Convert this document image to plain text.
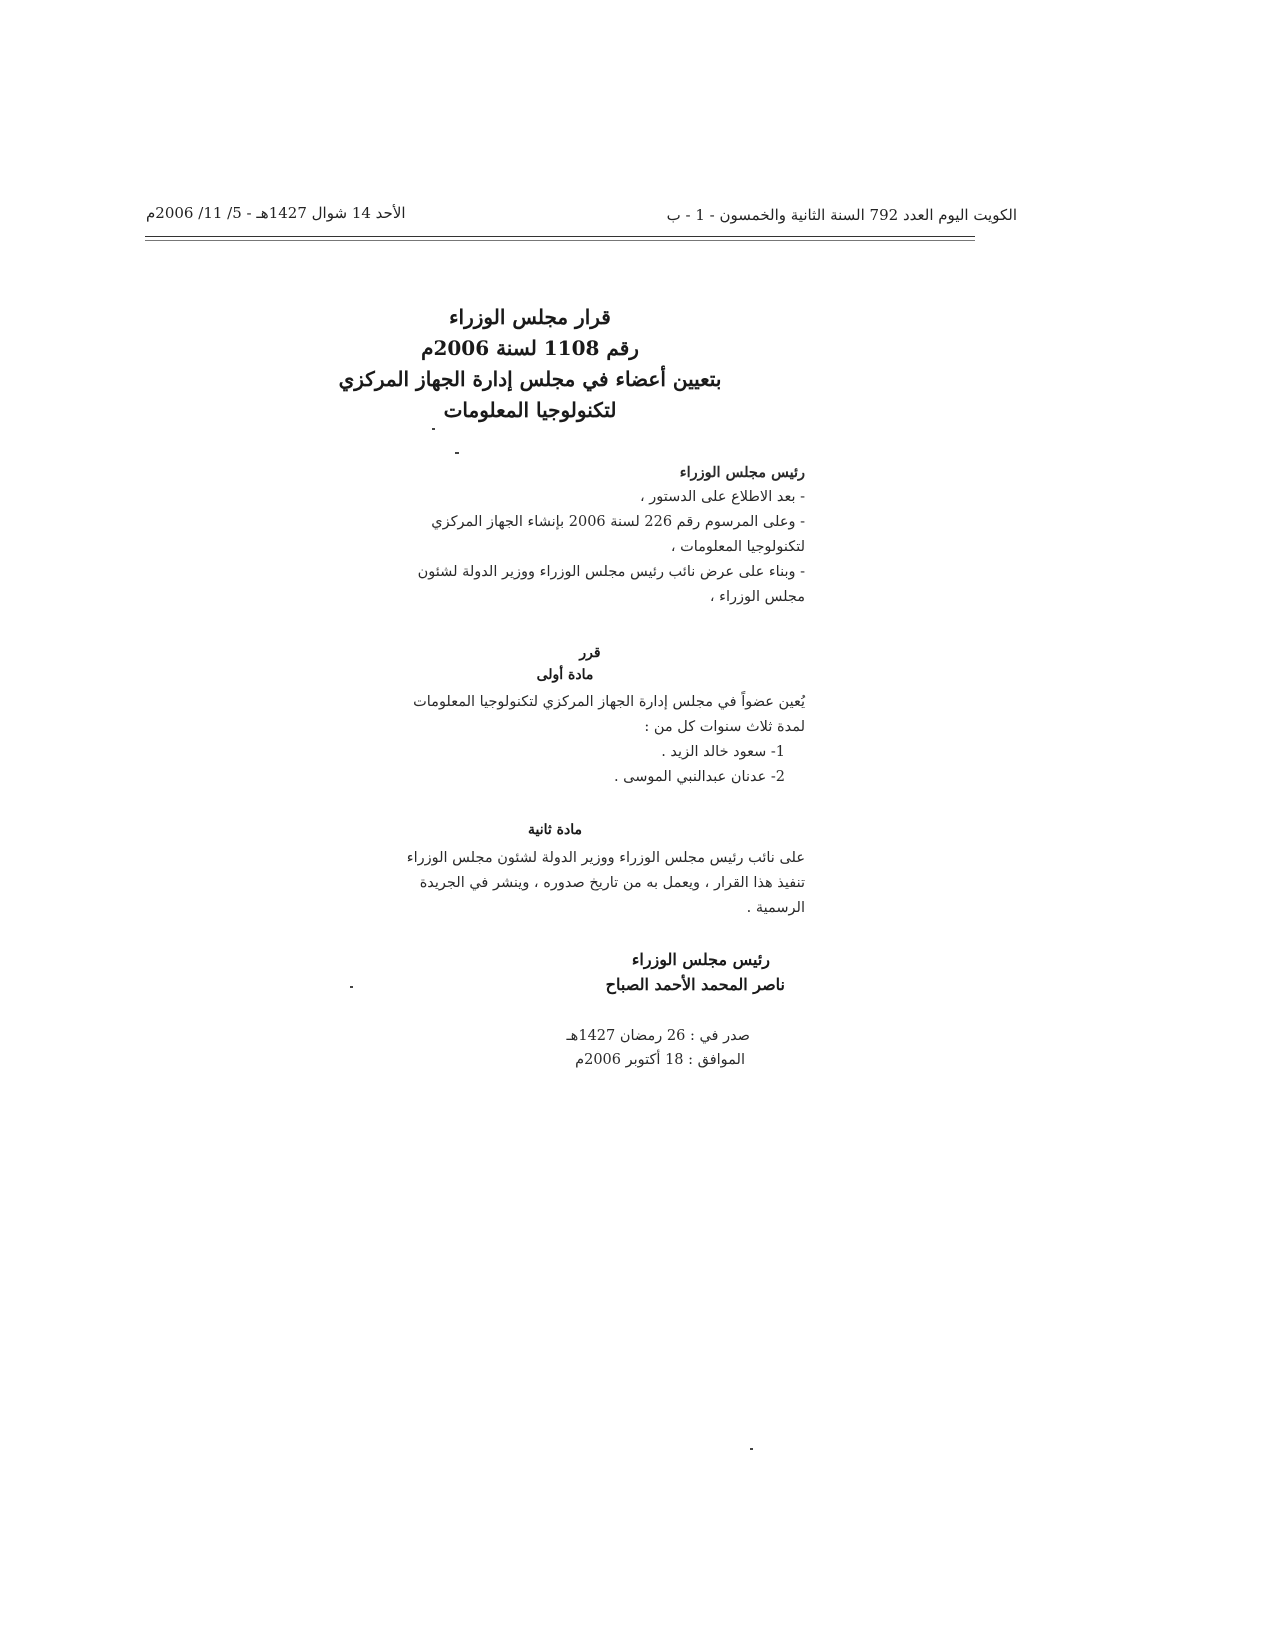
الكويت اليوم العدد 792 السنة الثانية والخمسون - 1 - ب
الأحد 14 شوال 1427هـ - 5/ 11/ 2006م
قرار مجلس الوزراء
رقم 1108 لسنة 2006م
بتعيين أعضاء في مجلس إدارة الجهاز المركزي
لتكنولوجيا المعلومات

رئيس مجلس الوزراء

- بعد الاطلاع على الدستور ،

- وعلى المرسوم رقم 226 لسنة 2006 بإنشاء الجهاز المركزي لتكنولوجيا المعلومات ،

- وبناء على عرض نائب رئيس مجلس الوزراء ووزير الدولة لشئون مجلس الوزراء ،

قرر
مادة أولى

يُعين عضواً في مجلس إدارة الجهاز المركزي لتكنولوجيا المعلومات لمدة ثلاث سنوات كل من :

1- سعود خالد الزيد .

2- عدنان عبدالنبي الموسى .

مادة ثانية

على نائب رئيس مجلس الوزراء ووزير الدولة لشئون مجلس الوزراء تنفيذ هذا القرار ، ويعمل به من تاريخ صدوره ، وينشر في الجريدة الرسمية .

رئيس مجلس الوزراء
ناصر المحمد الأحمد الصباح
صدر في : 26 رمضان 1427هـ
الموافق : 18 أكتوبر 2006م
